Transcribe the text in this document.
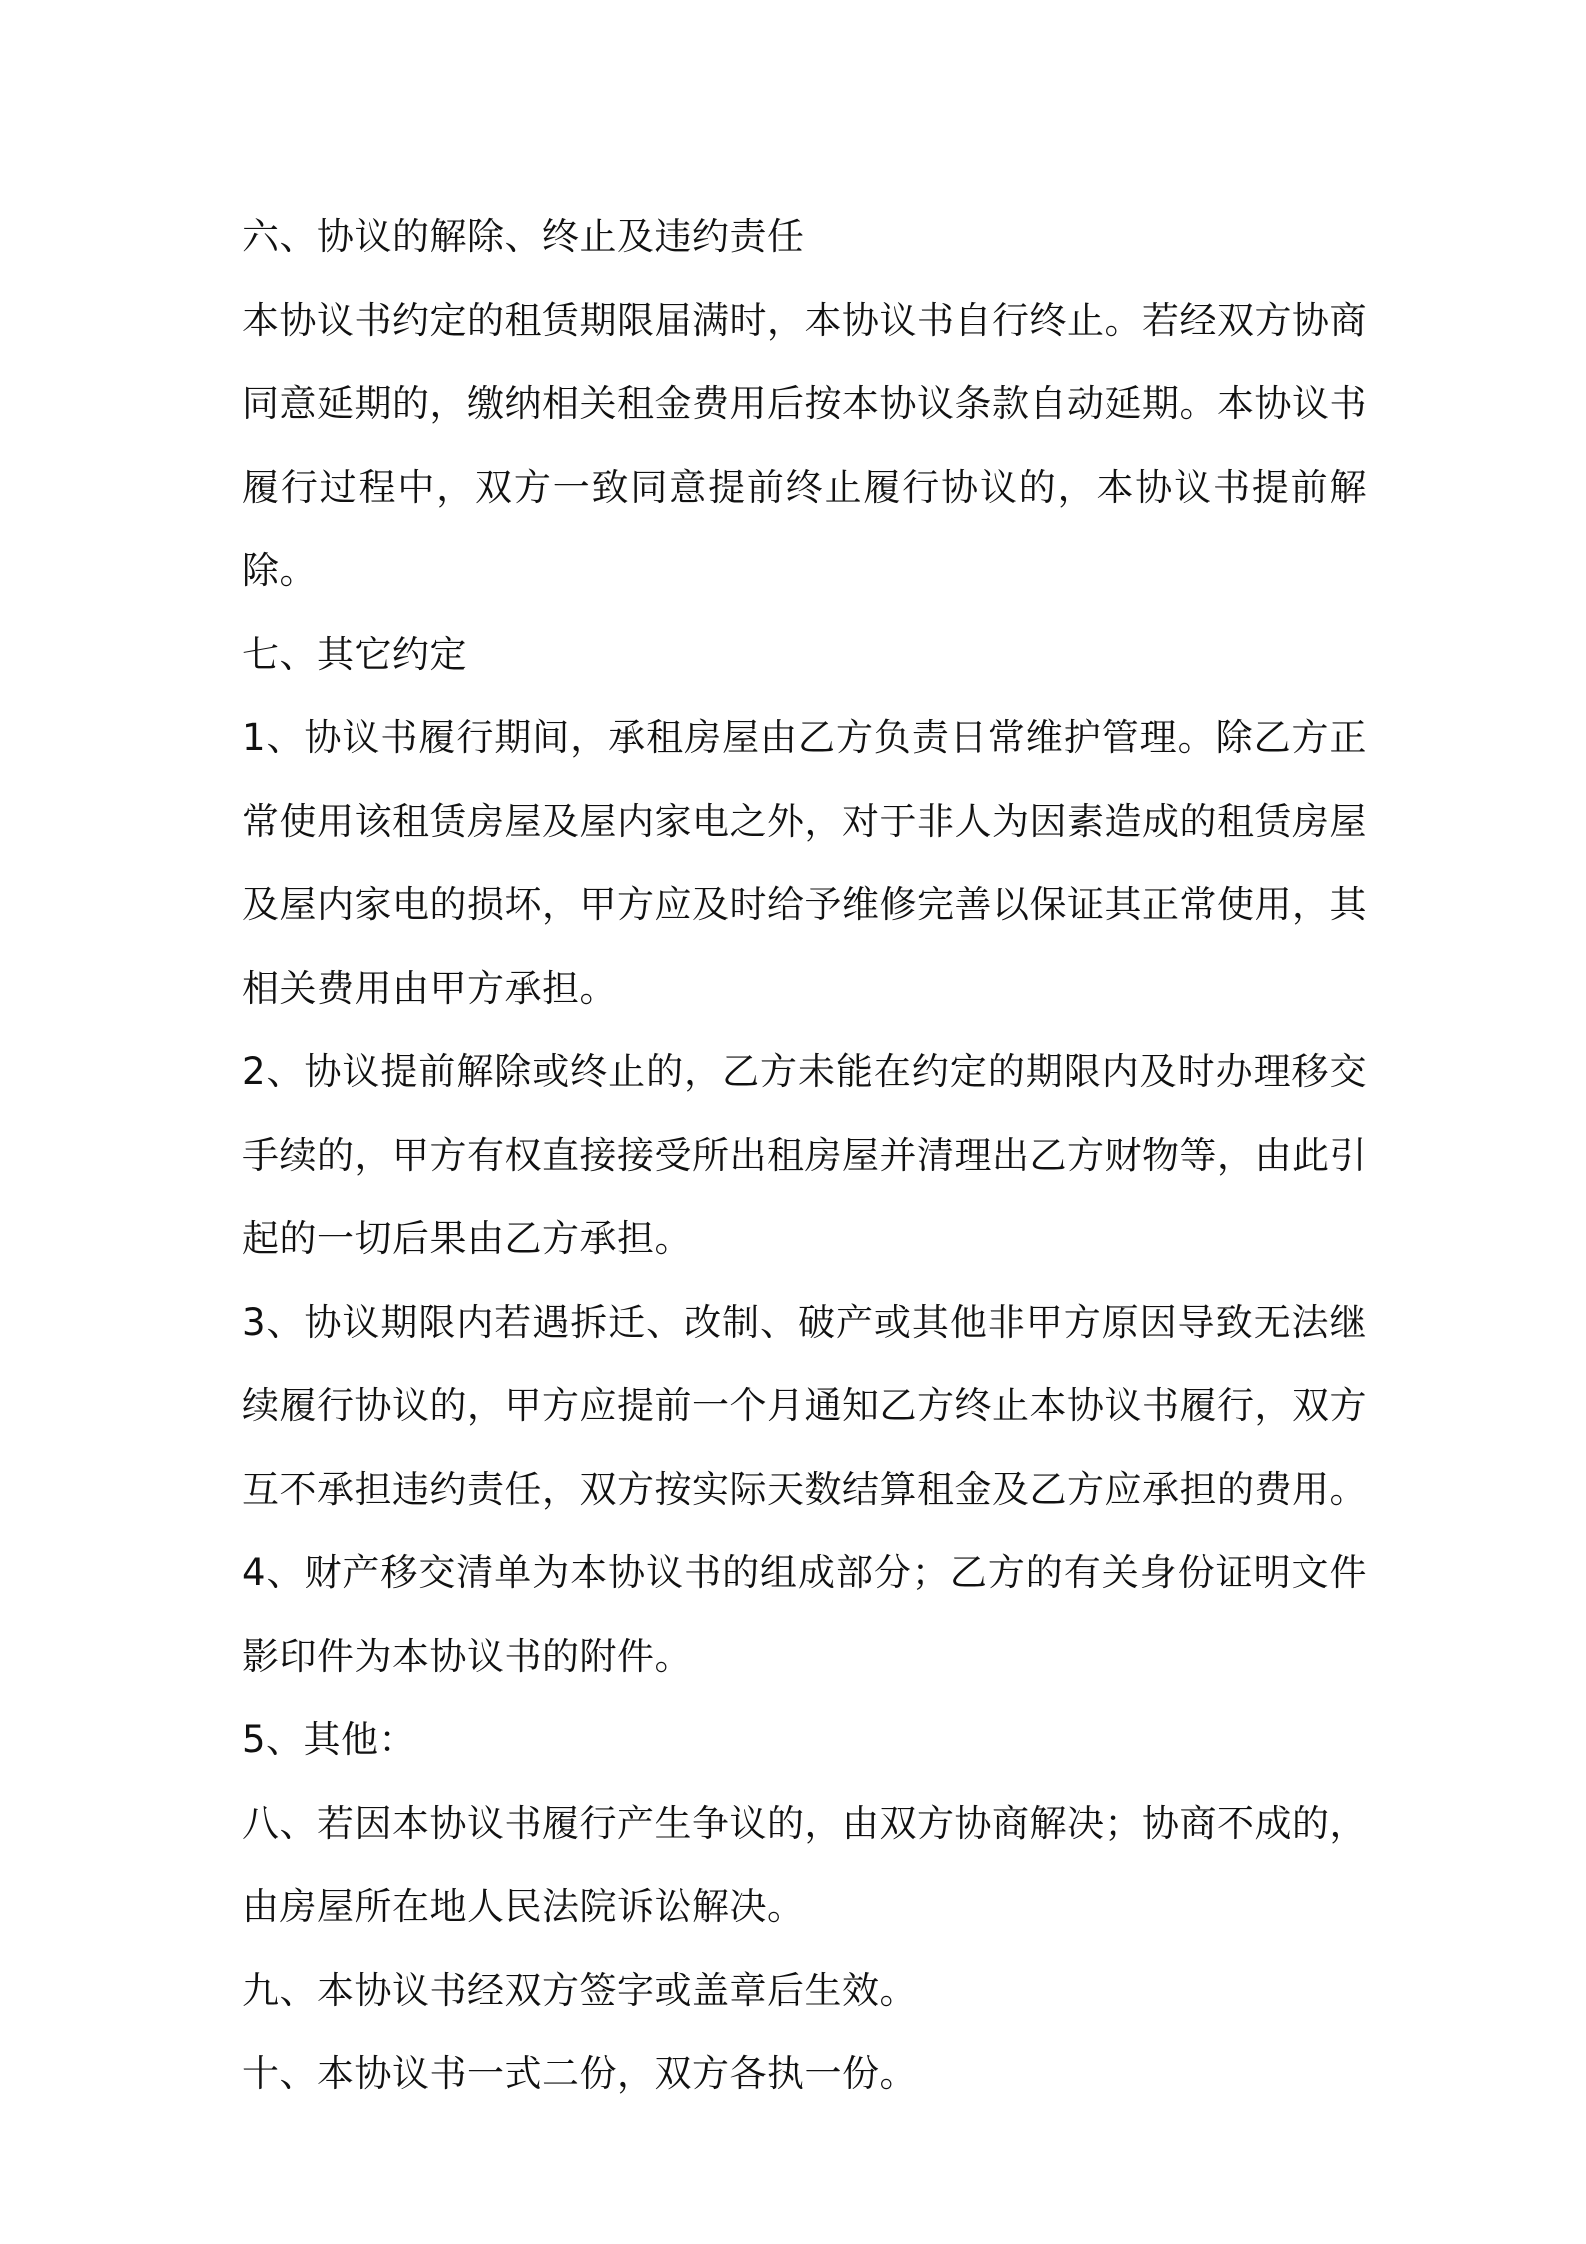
六、协议的解除、终止及违约责任

本协议书约定的租赁期限届满时，本协议书自行终止。若经双方协商同意延期的，缴纳相关租金费用后按本协议条款自动延期。本协议书履行过程中，双方一致同意提前终止履行协议的，本协议书提前解除。

七、其它约定

1、协议书履行期间，承租房屋由乙方负责日常维护管理。除乙方正常使用该租赁房屋及屋内家电之外，对于非人为因素造成的租赁房屋及屋内家电的损坏，甲方应及时给予维修完善以保证其正常使用，其相关费用由甲方承担。

2、协议提前解除或终止的，乙方未能在约定的期限内及时办理移交手续的，甲方有权直接接受所出租房屋并清理出乙方财物等，由此引起的一切后果由乙方承担。

3、协议期限内若遇拆迁、改制、破产或其他非甲方原因导致无法继续履行协议的，甲方应提前一个月通知乙方终止本协议书履行，双方互不承担违约责任，双方按实际天数结算租金及乙方应承担的费用。

4、财产移交清单为本协议书的组成部分；乙方的有关身份证明文件影印件为本协议书的附件。

5、其他：

八、若因本协议书履行产生争议的，由双方协商解决；协商不成的，由房屋所在地人民法院诉讼解决。

九、本协议书经双方签字或盖章后生效。

十、本协议书一式二份，双方各执一份。
